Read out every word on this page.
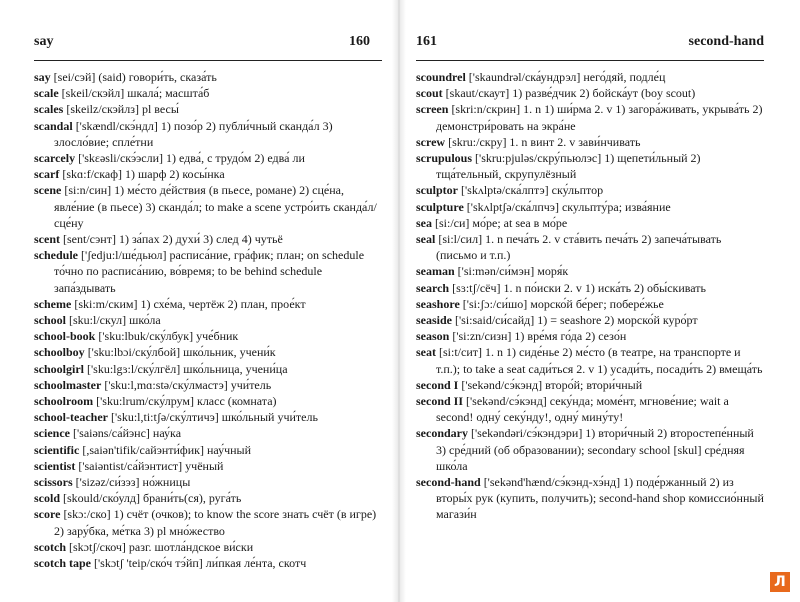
say	160

say [sei/сэй] (said) говори́ть, сказа́ть

scale [skeil/скэйл] шкала́; масшта́б

scales [skeilz/скэйлз] pl весы́

scandal ['skændl/скэ́ндл] 1) позо́р 2) публи́чный сканда́л 3) злосло́вие; спле́тни

scarcely ['skɛəsli/скэ́эсли] 1) едва́, с трудо́м 2) едва́ ли

scarf [skɑ:f/скаф] 1) шарф 2) косы́нка

scene [si:n/син] 1) ме́сто де́йствия (в пьесе, романе) 2) сце́на, явле́ние (в пьесе) 3) сканда́л; to make a scene устро́ить сканда́л/сце́ну

scent [sent/сэнт] 1) за́пах 2) духи́ 3) след 4) чутьё

schedule ['ʃedju:l/ше́дьюл] расписа́ние, гра́фик; план; on schedule то́чно по расписа́нию, во́время; to be behind schedule запа́здывать

scheme [ski:m/ским] 1) схе́ма, чертёж 2) план, прое́кт

school [sku:l/скул] шко́ла

school-book ['sku:lbuk/ску́лбук] уче́бник

schoolboy ['sku:lbɔi/ску́лбой] шко́льник, учени́к

schoolgirl ['sku:lgɜ:l/ску́лгёл] шко́льница, учени́ца

schoolmaster ['sku:l,mɑ:stə/ску́лмастэ] учи́тель

schoolroom ['sku:lrum/ску́лрум] класс (комната)

school-teacher ['sku:l,ti:tʃə/ску́лтичэ] шко́льный учи́тель

science ['saiəns/са́йэнс] нау́ка

scientific [,saiən'tifik/сайэнти́фик] нау́чный

scientist ['saiəntist/са́йэнтист] учёный

scissors ['sizəz/си́зэз] но́жницы

scold [skould/ско́улд] брани́ть(ся), руга́ть

score [skɔ:/ско] 1) счёт (очков); to know the score знать счёт (в игре) 2) зару́бка, ме́тка 3) pl мно́жество

scotch [skɔtʃ/скоч] разг. шотла́ндское ви́ски

scotch tape ['skɔtʃ 'teip/ско́ч тэ́йп] ли́пкая ле́нта, скотч

161	second-hand

scoundrel ['skaundrəl/ска́ундрэл] него́дяй, подле́ц

scout [skaut/скаут] 1) разве́дчик 2) бойска́ут (boy scout)

screen [skri:n/скрин] 1. n 1) ши́рма 2. v 1) загора́живать, укрыва́ть 2) демонстри́ровать на экра́не

screw [skru:/скру] 1. n винт 2. v зави́нчивать

scrupulous ['skru:pjuləs/скру́пьюлэс] 1) щепети́льный 2) тща́тельный, скрупулёзный

sculptor ['skʌlptə/ска́лптэ] ску́льптор

sculpture ['skʌlptʃə/ска́лпчэ] скульпту́ра; изва́яние

sea [si:/си] мо́ре; at sea в мо́ре

seal [si:l/сил] 1. n печа́ть 2. v ста́вить печа́ть 2) запеча́тывать (письмо и т.п.)

seaman ['si:mən/си́мэн] моря́к

search [sɜ:tʃ/сёч] 1. n по́иски 2. v 1) иска́ть 2) обы́скивать

seashore ['si:ʃɔ:/си́шо] морско́й бе́рег; побере́жье

seaside ['si:said/си́сайд] 1) = seashore 2) морско́й куро́рт

season ['si:zn/сизн] 1) вре́мя го́да 2) сезо́н

seat [si:t/сит] 1. n 1) сиде́нье 2) ме́сто (в театре, на транспорте и т.п.); to take a seat сади́ться 2. v 1) усади́ть, посади́ть 2) вмеща́ть

second I ['sekənd/сэ́кэнд] второ́й; втори́чный

second II ['sekənd/сэ́кэнд] секу́нда; моме́нт, мгнове́ние; wait a second! одну́ секу́нду!, одну́ мину́ту!

secondary ['sekəndəri/сэ́кэндэри] 1) втори́чный 2) второстепе́нный 3) сре́дний (об образовании); secondary school [skul] сре́дняя шко́ла

second-hand ['sekənd'hænd/сэ́кэнд-хэ́нд] 1) поде́ржанный 2) из вторы́х рук (купить, получить); second-hand shop комиссио́нный магази́н

Л
